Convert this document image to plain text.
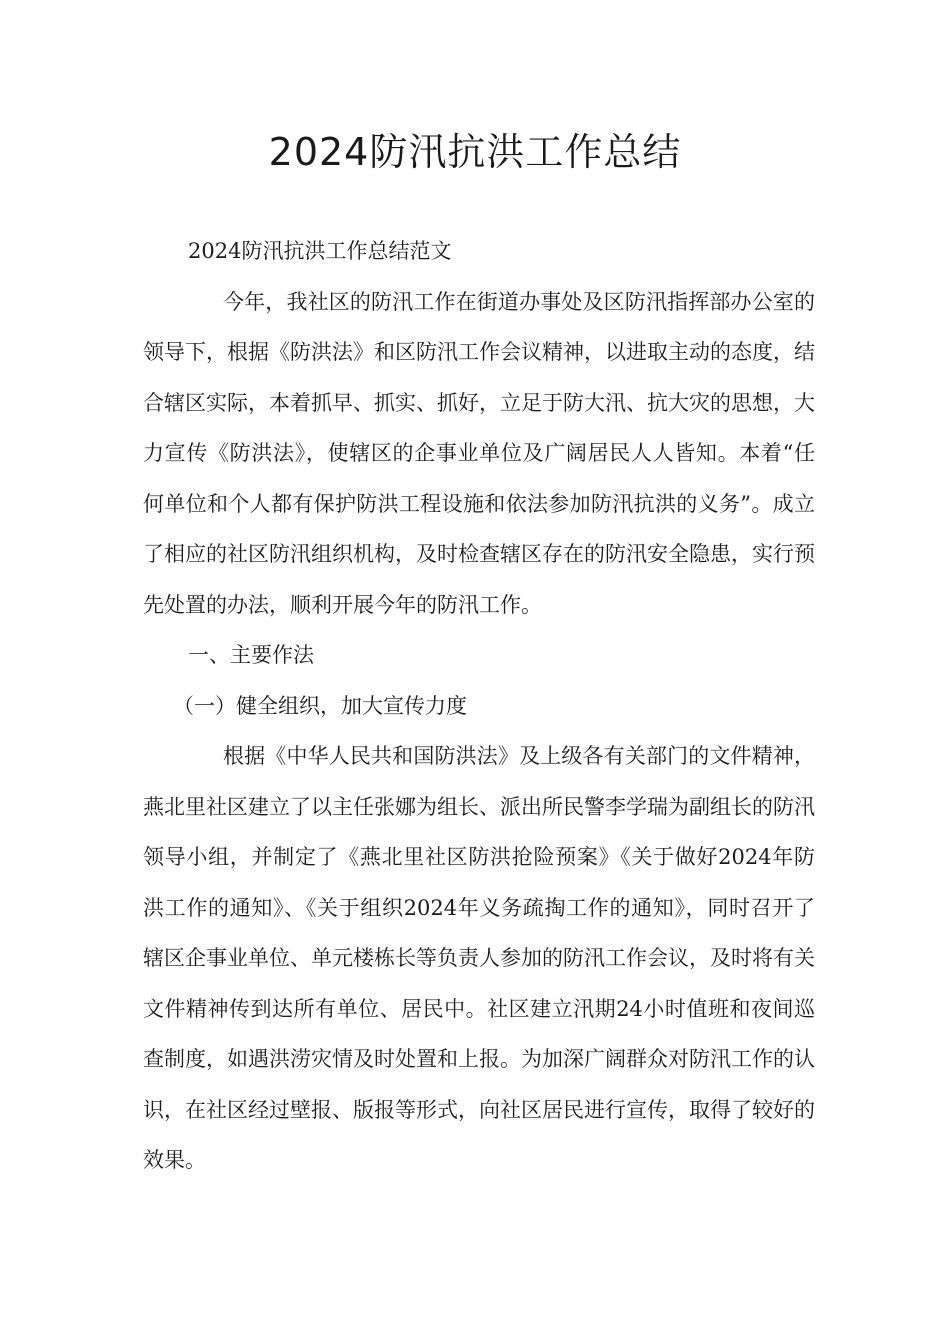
2024防汛抗洪工作总结

2024防汛抗洪工作总结范文

今年，我社区的防汛工作在街道办事处及区防汛指挥部办公室的领导下，根据《防洪法》和区防汛工作会议精神，以进取主动的态度，结合辖区实际，本着抓早、抓实、抓好，立足于防大汛、抗大灾的思想，大力宣传《防洪法》，使辖区的企事业单位及广阔居民人人皆知。本着“任何单位和个人都有保护防洪工程设施和依法参加防汛抗洪的义务”。成立了相应的社区防汛组织机构，及时检查辖区存在的防汛安全隐患，实行预先处置的办法，顺利开展今年的防汛工作。

一、主要作法

（一）健全组织，加大宣传力度

根据《中华人民共和国防洪法》及上级各有关部门的文件精神，燕北里社区建立了以主任张娜为组长、派出所民警李学瑞为副组长的防汛领导小组，并制定了《燕北里社区防洪抢险预案》《关于做好2024年防洪工作的通知》、《关于组织2024年义务疏掏工作的通知》，同时召开了辖区企事业单位、单元楼栋长等负责人参加的防汛工作会议，及时将有关文件精神传到达所有单位、居民中。社区建立汛期24小时值班和夜间巡查制度，如遇洪涝灾情及时处置和上报。为加深广阔群众对防汛工作的认识，在社区经过壁报、版报等形式，向社区居民进行宣传，取得了较好的效果。
